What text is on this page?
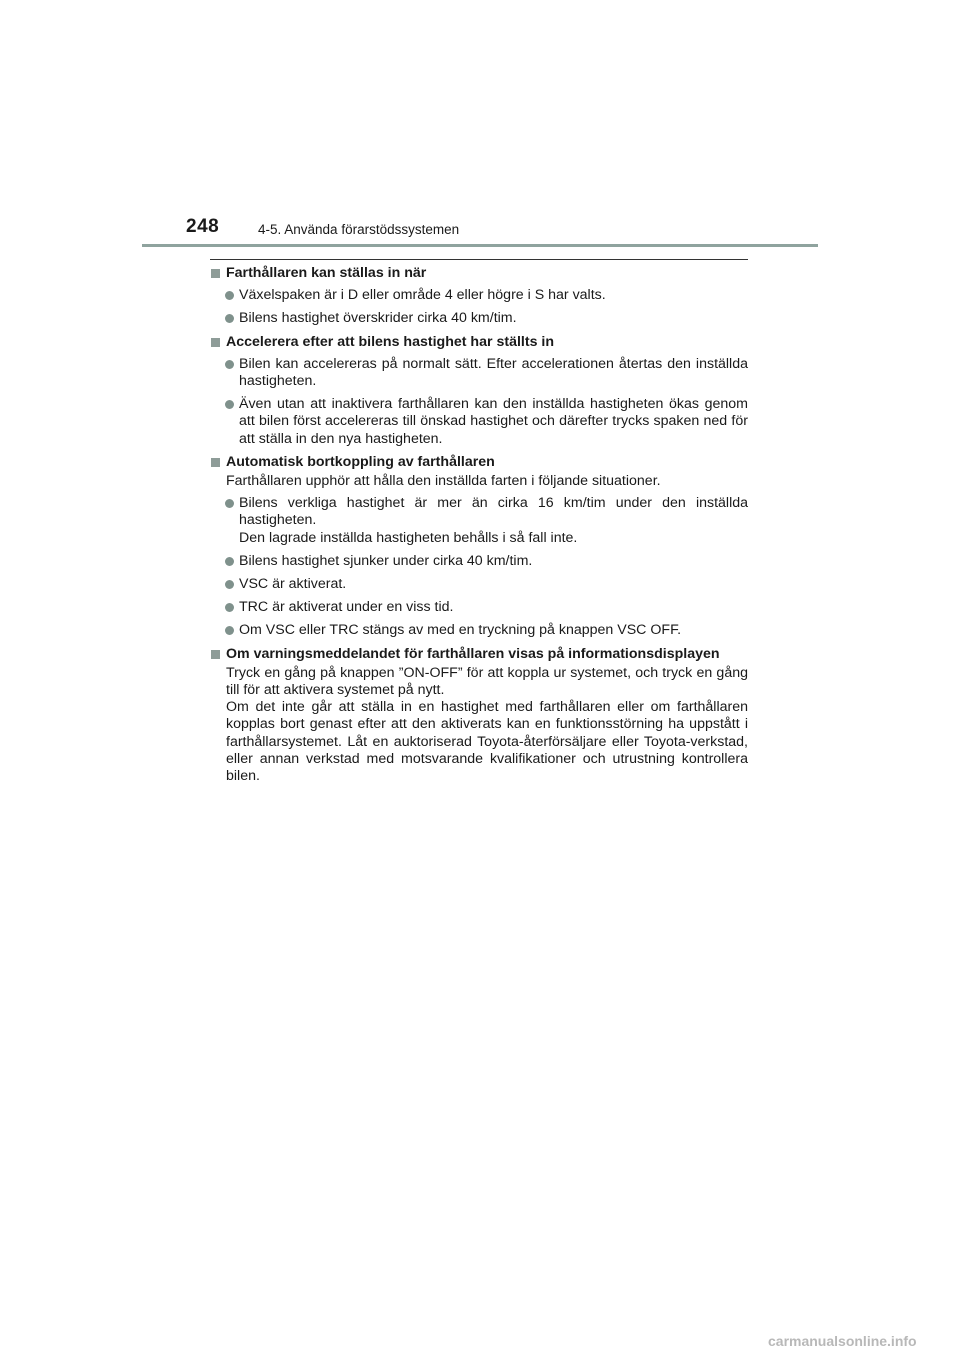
248	4-5. Använda förarstödssystemen
Farthållaren kan ställas in när
Växelspaken är i D eller område 4 eller högre i S har valts.
Bilens hastighet överskrider cirka 40 km/tim.
Accelerera efter att bilens hastighet har ställts in
Bilen kan accelereras på normalt sätt. Efter accelerationen återtas den inställda hastigheten.
Även utan att inaktivera farthållaren kan den inställda hastigheten ökas genom att bilen först accelereras till önskad hastighet och därefter trycks spaken ned för att ställa in den nya hastigheten.
Automatisk bortkoppling av farthållaren
Farthållaren upphör att hålla den inställda farten i följande situationer.
Bilens verkliga hastighet är mer än cirka 16 km/tim under den inställda hastigheten.
Den lagrade inställda hastigheten behålls i så fall inte.
Bilens hastighet sjunker under cirka 40 km/tim.
VSC är aktiverat.
TRC är aktiverat under en viss tid.
Om VSC eller TRC stängs av med en tryckning på knappen VSC OFF.
Om varningsmeddelandet för farthållaren visas på informationsdisplayen
Tryck en gång på knappen ”ON-OFF” för att koppla ur systemet, och tryck en gång till för att aktivera systemet på nytt.
Om det inte går att ställa in en hastighet med farthållaren eller om farthållaren kopplas bort genast efter att den aktiverats kan en funktionsstörning ha uppstått i farthållarsystemet. Låt en auktoriserad Toyota-återförsäljare eller Toyota-verkstad, eller annan verkstad med motsvarande kvalifikationer och utrustning kontrollera bilen.
carmanualsonline.info
